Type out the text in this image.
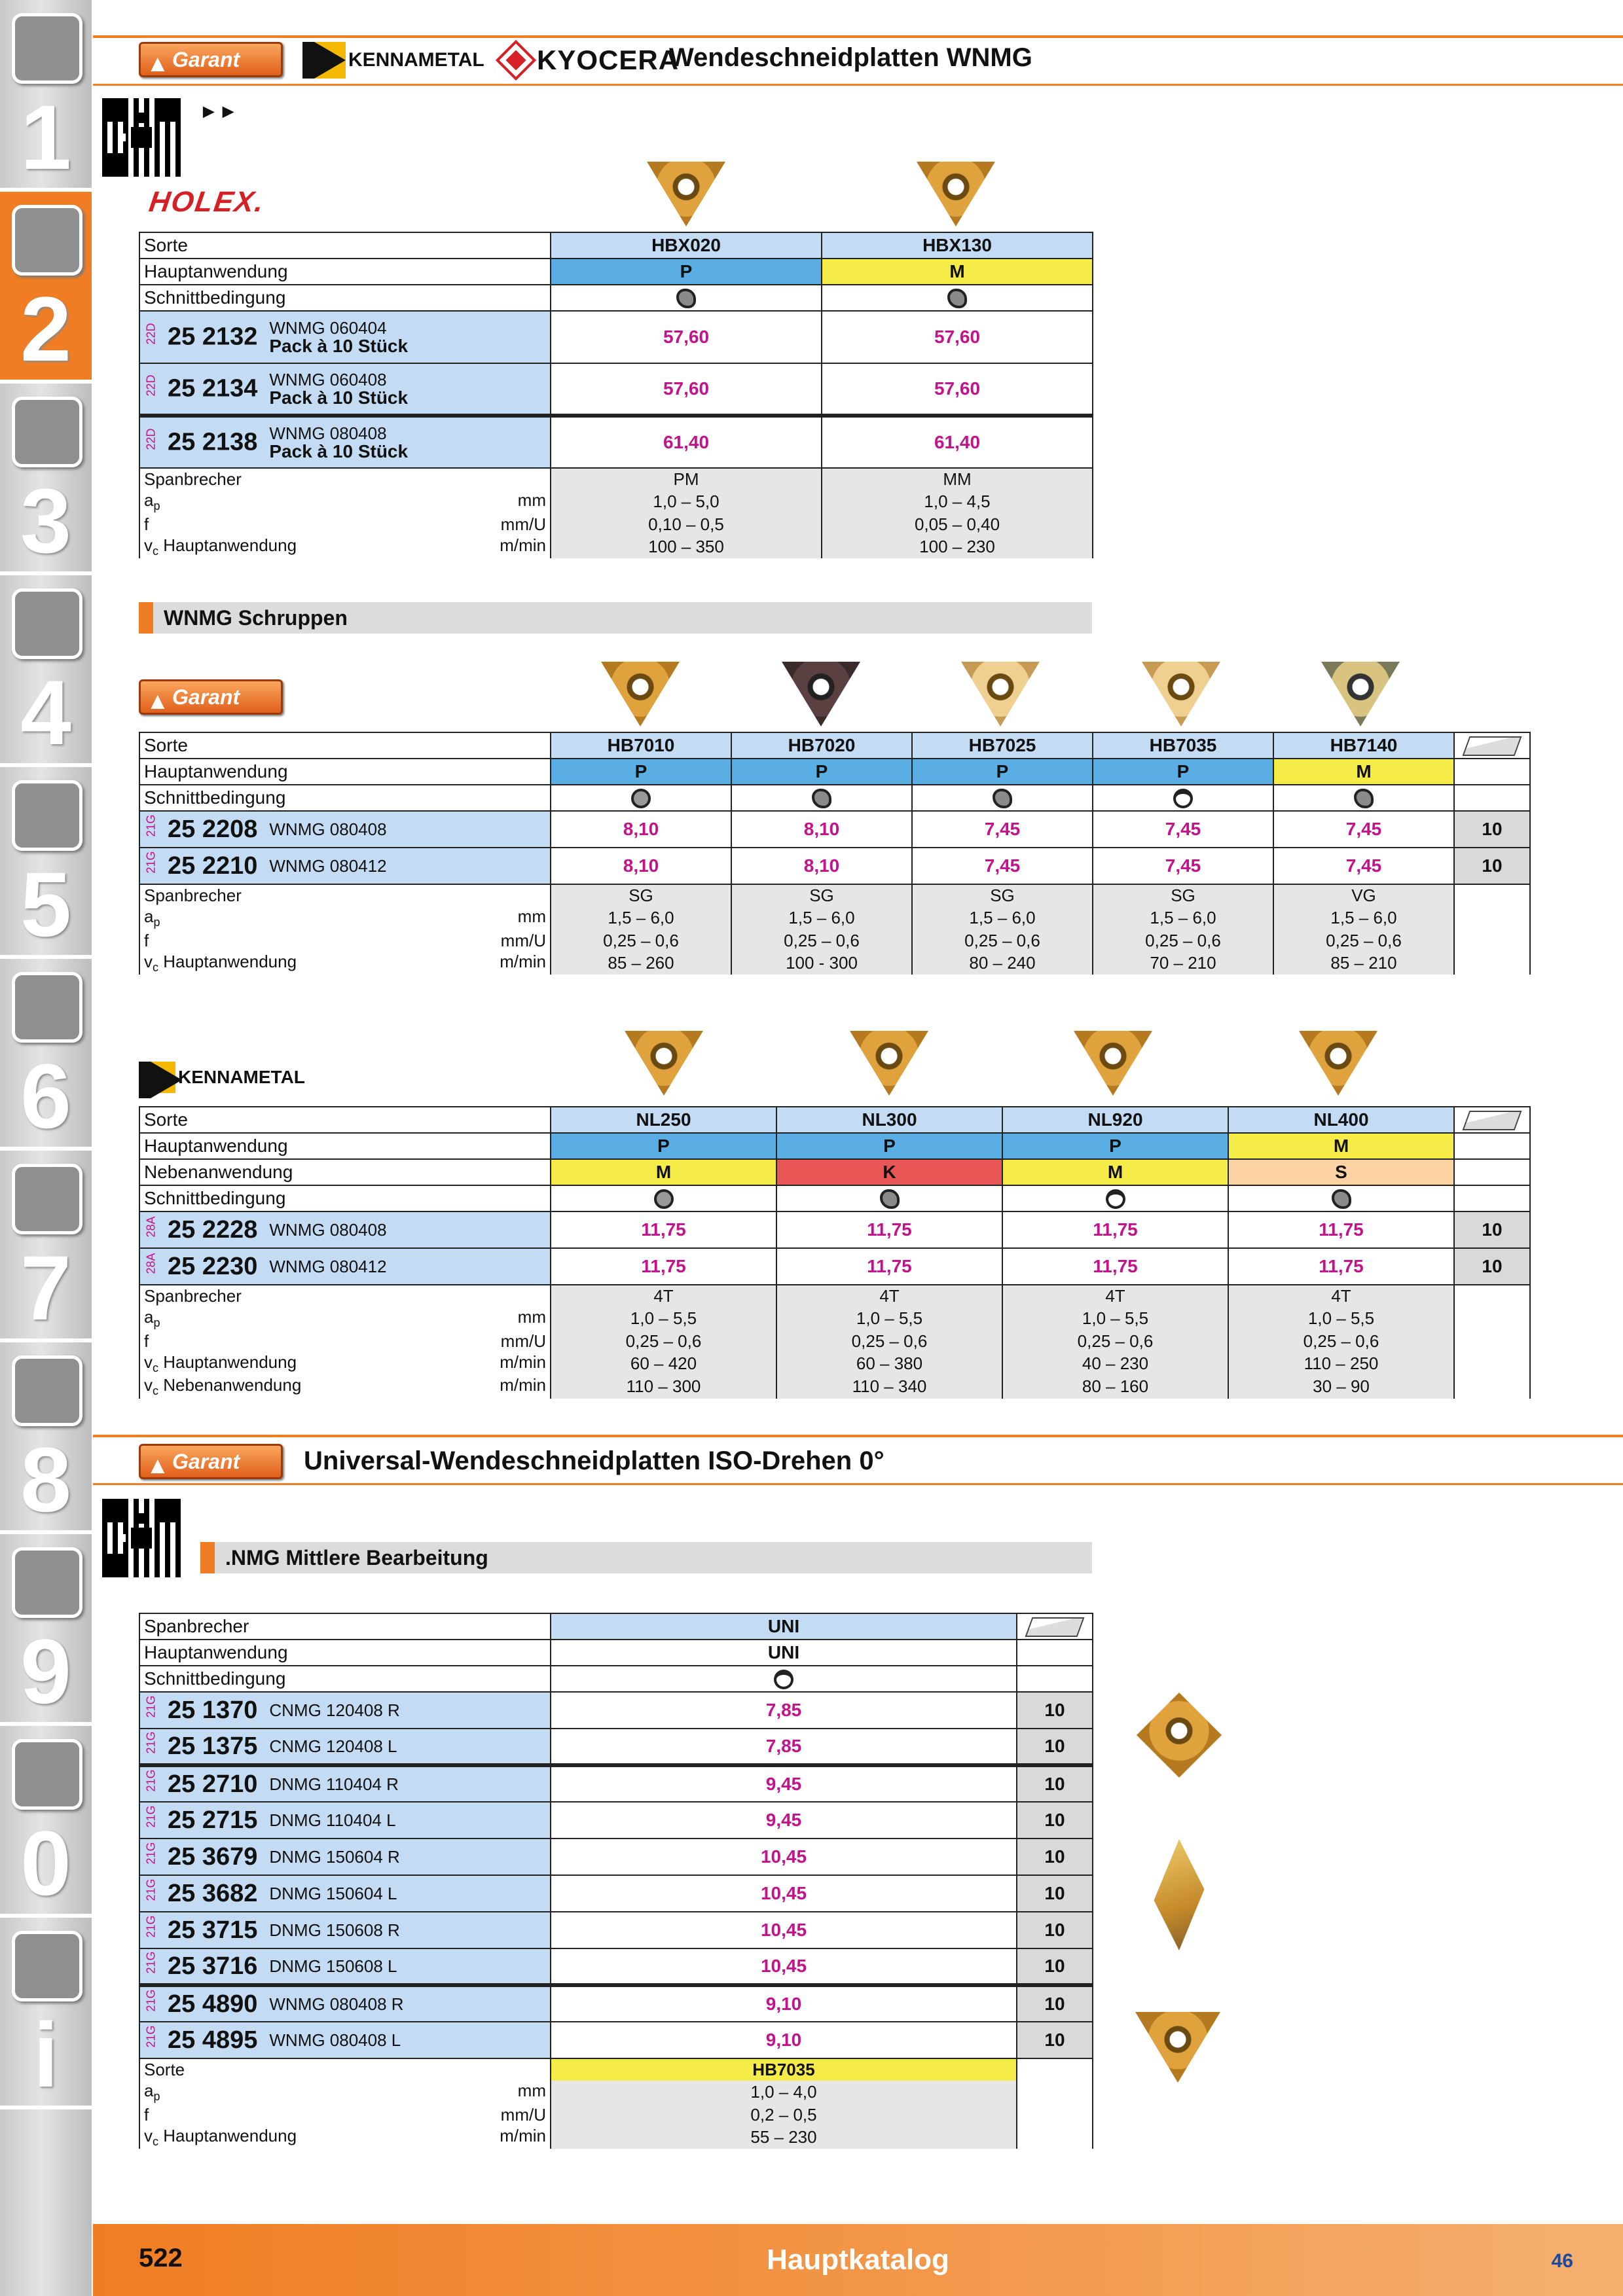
1
2
3
4
5
6
7
8
9
0
i
▲ Garant	KENNAMETAL KYOCERA
Wendeschneidplatten WNMG
►►
HOLEX.
Sorte	HBX020	HBX130
Hauptanwendung	P	M
Schnittbedingung		
22D 25 2132 WNMG 060404
Pack à 10 Stück	57,60	57,60
22D 25 2134 WNMG 060408
Pack à 10 Stück	57,60	57,60
22D 25 2138 WNMG 080408
Pack à 10 Stück	61,40	61,40
Spanbrecher	PM	MM
$a_p$ mm	1,0 – 5,0	1,0 – 4,5
f mm/U	0,10 – 0,5	0,05 – 0,40
$v_c$ Hauptanwendung m/min	100 – 350	100 – 230
WNMG Schruppen
▲ Garant
Sorte	HB7010	HB7020	HB7025	HB7035	HB7140	
Hauptanwendung	P	P	P	P	M	
Schnittbedingung						
21G 25 2208 WNMG 080408	8,10	8,10	7,45	7,45	7,45	10
21G 25 2210 WNMG 080412	8,10	8,10	7,45	7,45	7,45	10
Spanbrecher	SG	SG	SG	SG	VG	
$a_p$ mm	1,5 – 6,0	1,5 – 6,0	1,5 – 6,0	1,5 – 6,0	1,5 – 6,0	
f mm/U	0,25 – 0,6	0,25 – 0,6	0,25 – 0,6	0,25 – 0,6	0,25 – 0,6	
$v_c$ Hauptanwendung m/min	85 – 260	100 - 300	80 – 240	70 – 210	85 – 210	
KENNAMETAL
Sorte	NL250	NL300	NL920	NL400	
Hauptanwendung	P	P	P	M	
Nebenanwendung	M	K	M	S	
Schnittbedingung					
28A 25 2228 WNMG 080408	11,75	11,75	11,75	11,75	10
28A 25 2230 WNMG 080412	11,75	11,75	11,75	11,75	10
Spanbrecher	4T	4T	4T	4T	
$a_p$ mm	1,0 – 5,5	1,0 – 5,5	1,0 – 5,5	1,0 – 5,5	
f mm/U	0,25 – 0,6	0,25 – 0,6	0,25 – 0,6	0,25 – 0,6	
$v_c$ Hauptanwendung m/min	60 – 420	60 – 380	40 – 230	110 – 250	
$v_c$ Nebenanwendung m/min	110 – 300	110 – 340	80 – 160	30 – 90	
▲ Garant	Universal-Wendeschneidplatten ISO-Drehen 0°
.NMG Mittlere Bearbeitung
Spanbrecher	UNI	
Hauptanwendung	UNI	
Schnittbedingung		
21G 25 1370 CNMG 120408 R	7,85	10
21G 25 1375 CNMG 120408 L	7,85	10
21G 25 2710 DNMG 110404 R	9,45	10
21G 25 2715 DNMG 110404 L	9,45	10
21G 25 3679 DNMG 150604 R	10,45	10
21G 25 3682 DNMG 150604 L	10,45	10
21G 25 3715 DNMG 150608 R	10,45	10
21G 25 3716 DNMG 150608 L	10,45	10
21G 25 4890 WNMG 080408 R	9,10	10
21G 25 4895 WNMG 080408 L	9,10	10
Sorte	HB7035	
$a_p$ mm	1,0 – 4,0	
f mm/U	0,2 – 0,5	
$v_c$ Hauptanwendung m/min	55 – 230	
522	Hauptkatalog	46
